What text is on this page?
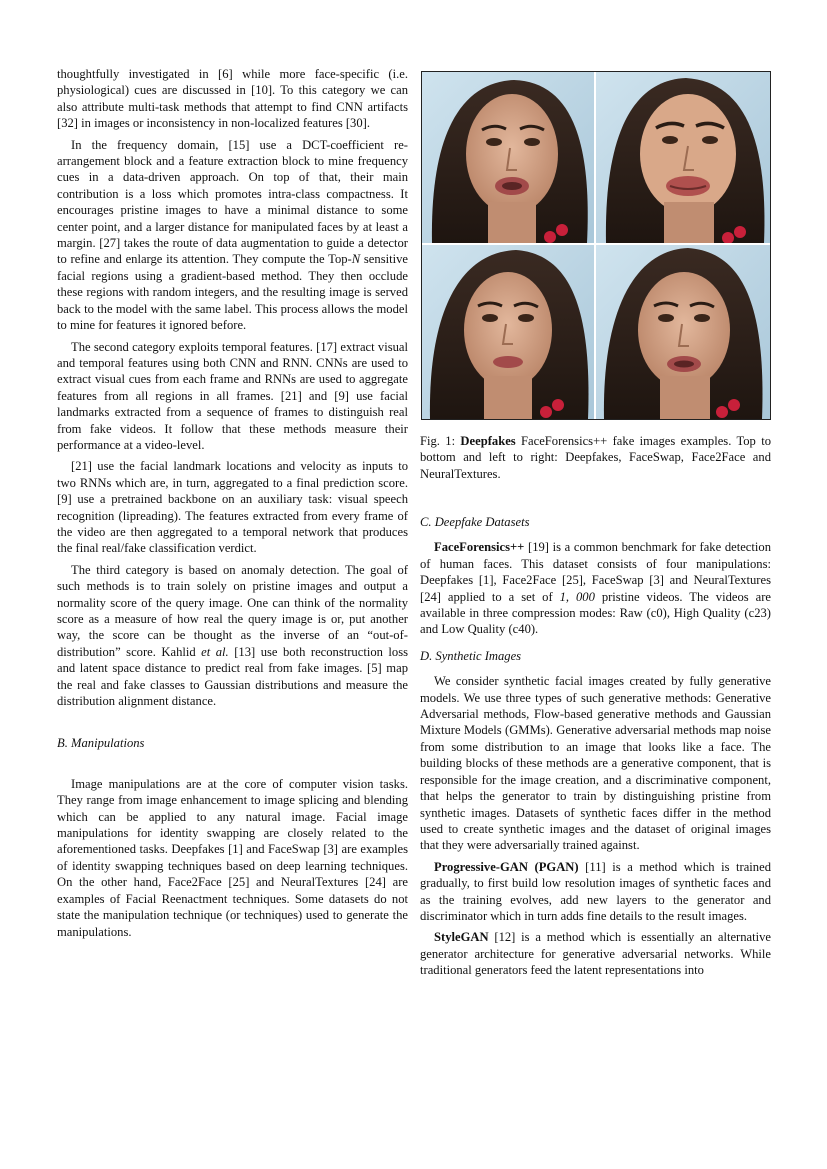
thoughtfully investigated in [6] while more face-specific (i.e. physiological) cues are discussed in [10]. To this category we can also attribute multi-task methods that attempt to find CNN artifacts [32] in images or inconsistency in non-localized features [30].

In the frequency domain, [15] use a DCT-coefficient re-arrangement block and a feature extraction block to mine frequency cues in a data-driven approach. On top of that, their main contribution is a loss which promotes intra-class compactness. It encourages pristine images to have a minimal distance to some center point, and a larger distance for manipulated faces by at least a margin. [27] takes the route of data augmentation to guide a detector to refine and enlarge its attention. They compute the Top-N sensitive facial regions using a gradient-based method. They then occlude these regions with random integers, and the resulting image is served back to the model with the same label. This process allows the model to mine for features it ignored before.

The second category exploits temporal features. [17] extract visual and temporal features using both CNN and RNN. CNNs are used to extract visual cues from each frame and RNNs are used to aggregate features from all regions in all frames. [21] and [9] use facial landmarks extracted from a sequence of frames to distinguish real from fake videos. It follow that these methods measure their performance at a video-level.

[21] use the facial landmark locations and velocity as inputs to two RNNs which are, in turn, aggregated to a final prediction score. [9] use a pretrained backbone on an auxiliary task: visual speech recognition (lipreading). The features extracted from every frame of the video are then aggregated to a temporal network that produces the final real/fake classification verdict.

The third category is based on anomaly detection. The goal of such methods is to train solely on pristine images and output a normality score of the query image. One can think of the normality score as a measure of how real the query image is or, put another way, the score can be thought as the inverse of an “out-of-distribution” score. Kahlid et al. [13] use both reconstruction loss and latent space distance to predict real from fake images. [5] map the real and fake classes to Gaussian distributions and measure the distribution alignment distance.

B. Manipulations

Image manipulations are at the core of computer vision tasks. They range from image enhancement to image splicing and blending which can be applied to any natural image. Facial image manipulations for identity swapping are closely related to the aforementioned tasks. Deepfakes [1] and FaceSwap [3] are examples of identity swapping techniques based on deep learning techniques. On the other hand, Face2Face [25] and NeuralTextures [24] are examples of Facial Reenactment techniques. Some datasets do not state the manipulation technique (or techniques) used to generate the manipulations.

Fig. 1: Deepfakes FaceForensics++ fake images examples. Top to bottom and left to right: Deepfakes, FaceSwap, Face2Face and NeuralTextures.

C. Deepfake Datasets

FaceForensics++ [19] is a common benchmark for fake detection of human faces. This dataset consists of four manipulations: Deepfakes [1], Face2Face [25], FaceSwap [3] and NeuralTextures [24] applied to a set of 1, 000 pristine videos. The videos are available in three compression modes: Raw (c0), High Quality (c23) and Low Quality (c40).

D. Synthetic Images

We consider synthetic facial images created by fully generative models. We use three types of such generative methods: Generative Adversarial methods, Flow-based generative methods and Gaussian Mixture Models (GMMs). Generative adversarial methods map noise from some distribution to an image that looks like a face. The building blocks of these methods are a generative component, that is responsible for the image creation, and a discriminative component, that helps the generator to train by distinguishing pristine from synthetic images. Datasets of synthetic faces differ in the method used to create synthetic images and the dataset of original images that they were adversarially trained against.

Progressive-GAN (PGAN) [11] is a method which is trained gradually, to first build low resolution images of synthetic faces and as the training evolves, add new layers to the generator and discriminator which in turn adds fine details to the result images.

StyleGAN [12] is a method which is essentially an alternative generator architecture for generative adversarial networks. While traditional generators feed the latent representations into
